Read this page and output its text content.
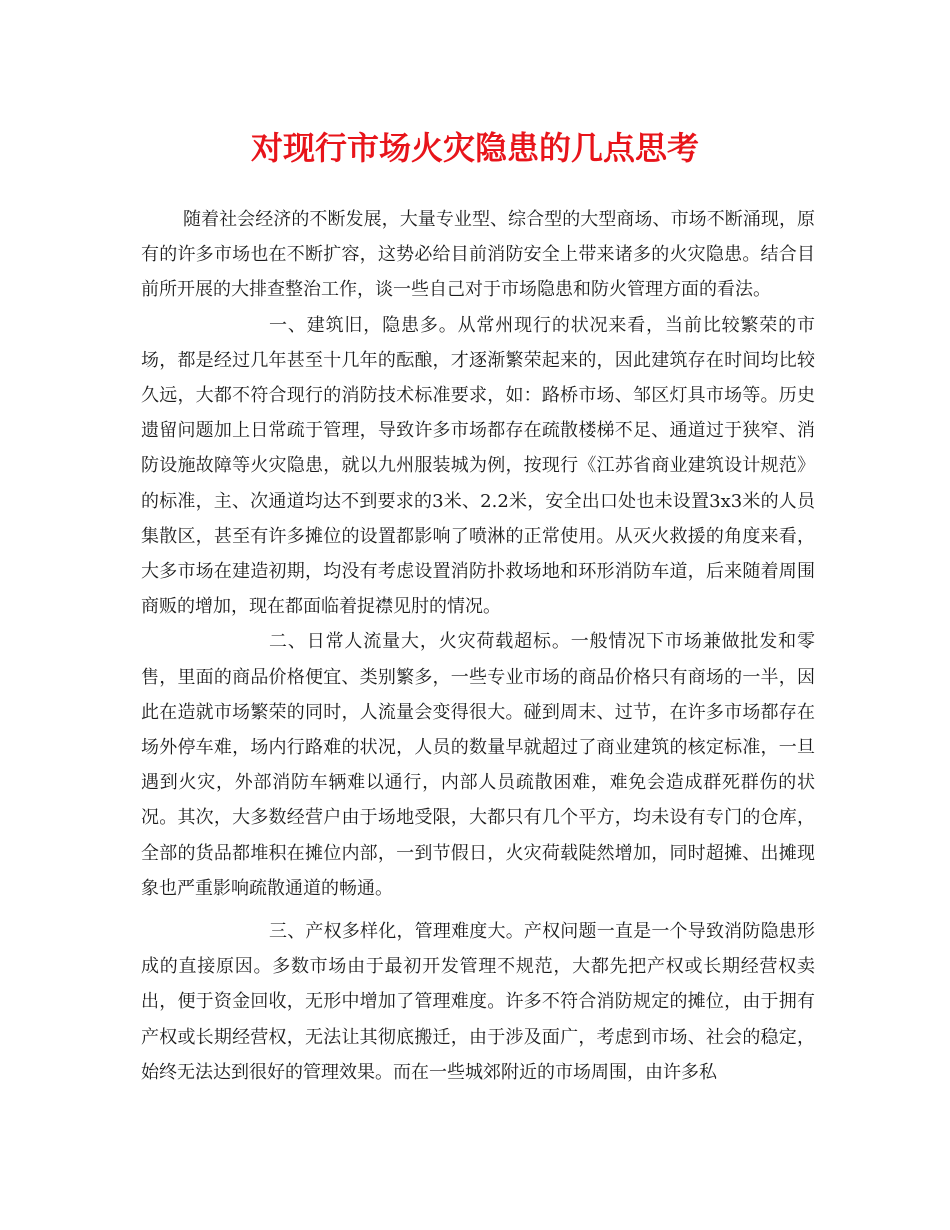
对现行市场火灾隐患的几点思考

随着社会经济的不断发展，大量专业型、综合型的大型商场、市场不断涌现，原有的许多市场也在不断扩容，这势必给目前消防安全上带来诸多的火灾隐患。结合目前所开展的大排查整治工作，谈一些自己对于市场隐患和防火管理方面的看法。

一、建筑旧，隐患多。从常州现行的状况来看，当前比较繁荣的市场，都是经过几年甚至十几年的酝酿，才逐渐繁荣起来的，因此建筑存在时间均比较久远，大都不符合现行的消防技术标准要求，如：路桥市场、邹区灯具市场等。历史遗留问题加上日常疏于管理，导致许多市场都存在疏散楼梯不足、通道过于狭窄、消防设施故障等火灾隐患，就以九州服装城为例，按现行《江苏省商业建筑设计规范》的标准，主、次通道均达不到要求的3米、2.2米，安全出口处也未设置3x3米的人员集散区，甚至有许多摊位的设置都影响了喷淋的正常使用。从灭火救援的角度来看，大多市场在建造初期，均没有考虑设置消防扑救场地和环形消防车道，后来随着周围商贩的增加，现在都面临着捉襟见肘的情况。

二、日常人流量大，火灾荷载超标。一般情况下市场兼做批发和零售，里面的商品价格便宜、类别繁多，一些专业市场的商品价格只有商场的一半，因此在造就市场繁荣的同时，人流量会变得很大。碰到周末、过节，在许多市场都存在场外停车难，场内行路难的状况，人员的数量早就超过了商业建筑的核定标准，一旦遇到火灾，外部消防车辆难以通行，内部人员疏散困难，难免会造成群死群伤的状况。其次，大多数经营户由于场地受限，大都只有几个平方，均未设有专门的仓库，全部的货品都堆积在摊位内部，一到节假日，火灾荷载陡然增加，同时超摊、出摊现象也严重影响疏散通道的畅通。

三、产权多样化，管理难度大。产权问题一直是一个导致消防隐患形成的直接原因。多数市场由于最初开发管理不规范，大都先把产权或长期经营权卖出，便于资金回收，无形中增加了管理难度。许多不符合消防规定的摊位，由于拥有产权或长期经营权，无法让其彻底搬迁，由于涉及面广，考虑到市场、社会的稳定，始终无法达到很好的管理效果。而在一些城郊附近的市场周围，由许多私
